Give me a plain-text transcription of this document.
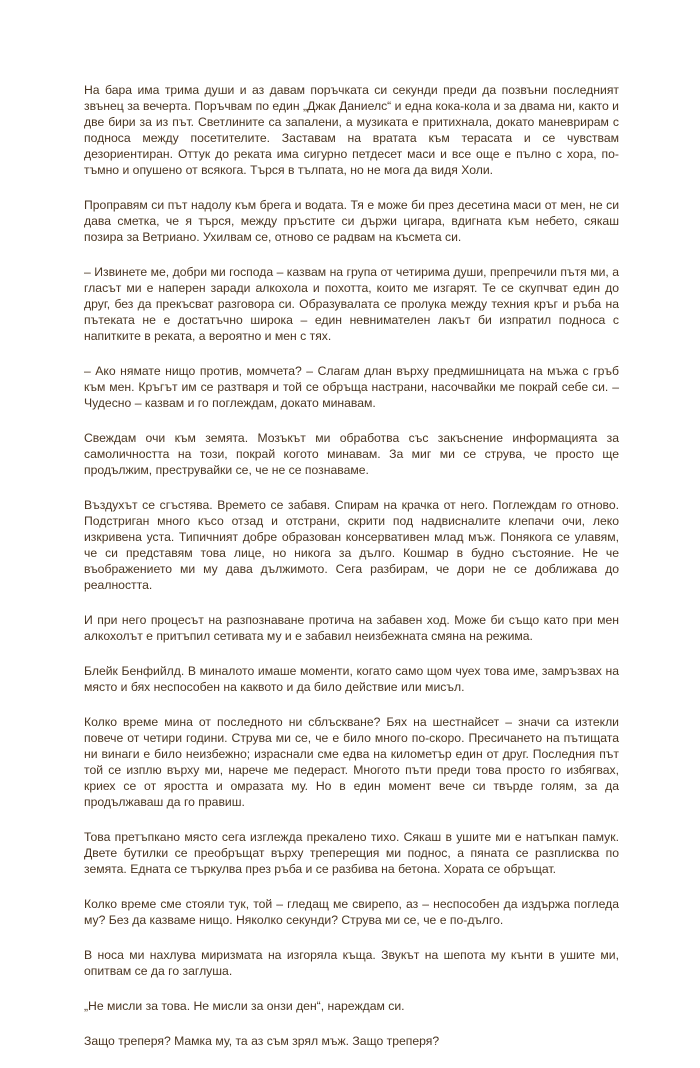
На бара има трима души и аз давам поръчката си секунди преди да позвъни последният звънец за вечерта. Поръчвам по един „Джак Даниелс“ и една кока-кола и за двама ни, както и две бири за из път. Светлините са запалени, а музиката е притихнала, докато маневрирам с подноса между посетителите. Заставам на вратата към терасата и се чувствам дезориентиран. Оттук до реката има сигурно петдесет маси и все още е пълно с хора, по-тъмно и опушено от всякога. Търся в тълпата, но не мога да видя Холи.

Проправям си път надолу към брега и водата. Тя е може би през десетина маси от мен, не си дава сметка, че я търся, между пръстите си държи цигара, вдигната към небето, сякаш позира за Ветриано. Ухилвам се, отново се радвам на късмета си.

– Извинете ме, добри ми господа – казвам на група от четирима души, препречили пътя ми, а гласът ми е наперен заради алкохола и похотта, които ме изгарят. Те се скупчват един до друг, без да прекъсват разговора си. Образувалата се пролука между техния кръг и ръба на пътеката не е достатъчно широка – един невнимателен лакът би изпратил подноса с напитките в реката, а вероятно и мен с тях.

– Ако нямате нищо против, момчета? – Слагам длан върху предмишницата на мъжа с гръб към мен. Кръгът им се разтваря и той се обръща настрани, насочвайки ме покрай себе си. – Чудесно – казвам и го поглеждам, докато минавам.

Свеждам очи към земята. Мозъкът ми обработва със закъснение информацията за самоличността на този, покрай когото минавам. За миг ми се струва, че просто ще продължим, преструвайки се, че не се познаваме.

Въздухът се сгъстява. Времето се забавя. Спирам на крачка от него. Поглеждам го отново. Подстриган много късо отзад и отстрани, скрити под надвисналите клепачи очи, леко изкривена уста. Типичният добре образован консервативен млад мъж. Понякога се улавям, че си представям това лице, но никога за дълго. Кошмар в будно състояние. Не че въображението ми му дава дължимото. Сега разбирам, че дори не се доближава до реалността.

И при него процесът на разпознаване протича на забавен ход. Може би също като при мен алкохолът е притъпил сетивата му и е забавил неизбежната смяна на режима.

Блейк Бенфийлд. В миналото имаше моменти, когато само щом чуех това име, замръзвах на място и бях неспособен на каквото и да било действие или мисъл.

Колко време мина от последното ни сблъскване? Бях на шестнайсет – значи са изтекли повече от четири години. Струва ми се, че е било много по-скоро. Пресичането на пътищата ни винаги е било неизбежно; израснали сме едва на километър един от друг. Последния път той се изплю върху ми, нарече ме педераст. Многото пъти преди това просто го избягвах, криех се от яростта и омразата му. Но в един момент вече си твърде голям, за да продължаваш да го правиш.

Това претъпкано място сега изглежда прекалено тихо. Сякаш в ушите ми е натъпкан памук. Двете бутилки се преобръщат върху треперещия ми поднос, а пяната се разплисква по земята. Едната се търкулва през ръба и се разбива на бетона. Хората се обръщат.

Колко време сме стояли тук, той – гледащ ме свирепо, аз – неспособен да издържа погледа му? Без да казваме нищо. Няколко секунди? Струва ми се, че е по-дълго.

В носа ми нахлува миризмата на изгоряла къща. Звукът на шепота му кънти в ушите ми, опитвам се да го заглуша.

„Не мисли за това. Не мисли за онзи ден“, нареждам си.

Защо треперя? Мамка му, та аз съм зрял мъж. Защо треперя?
